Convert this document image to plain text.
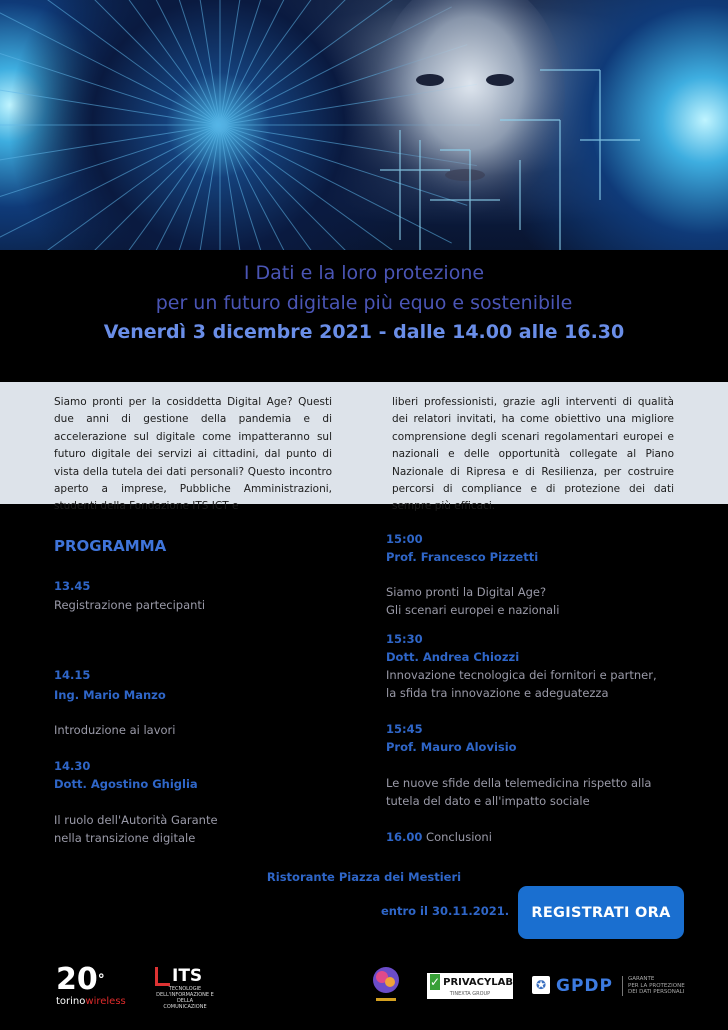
I Dati e la loro protezione
per un futuro digitale più equo e sostenibile
Venerdì 3 dicembre 2021 - dalle 14.00 alle 16.30

Siamo pronti per la cosiddetta Digital Age? Questi due anni di gestione della pandemia e di accelerazione sul digitale come impatteranno sul futuro digitale dei servizi ai cittadini, dal punto di vista della tutela dei dati personali? Questo incontro aperto a imprese, Pubbliche Amministrazioni, studenti della Fondazione ITS ICT e

liberi professionisti, grazie agli interventi di qualità dei relatori invitati, ha come obiettivo una migliore comprensione degli scenari regolamentari europei e nazionali e delle opportunità collegate al Piano Nazionale di Ripresa e di Resilienza, per costruire percorsi di compliance e di protezione dei dati sempre più efficaci.

PROGRAMMA
13.45
Registrazione partecipanti
14.15
Ing. Mario Manzo
Introduzione ai lavori
14.30
Dott. Agostino Ghiglia
Il ruolo dell'Autorità Garante
nella transizione digitale
15:00
Prof. Francesco Pizzetti
Siamo pronti la Digital Age?
Gli scenari europei e nazionali
15:30
Dott. Andrea Chiozzi
Innovazione tecnologica dei fornitori e partner,
la sfida tra innovazione e adeguatezza
15:45
Prof. Mauro Alovisio
Le nuove sfide della telemedicina rispetto alla
tutela del dato e all'impatto sociale
16.00 Conclusioni
Ristorante Piazza dei Mestieri
entro il 30.11.2021.	REGISTRATI ORA
20°
torinowireless
ITS
TECNOLOGIE
DELL'INFORMAZIONE E
DELLA COMUNICAZIONE
✓ PRIVACYLAB
TINEXTA GROUP
✪ GPDP	GARANTE
PER LA PROTEZIONE
DEI DATI PERSONALI
